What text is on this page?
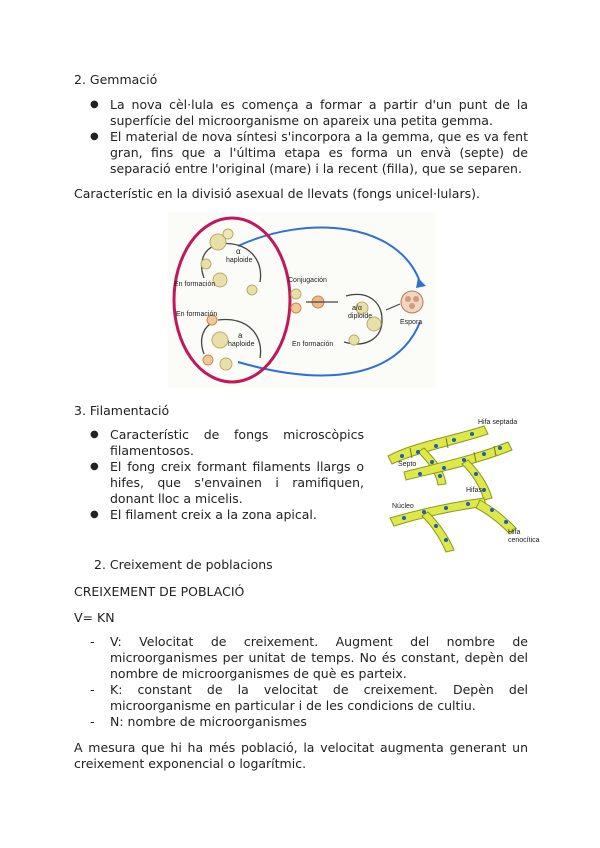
2. Gemmació
● La nova cèl·lula es comença a formar a partir d'un punt de la superfície del microorganisme on apareix una petita gemma.
● El material de nova síntesi s'incorpora a la gemma, que es va fent gran, fins que a l'última etapa es forma un envà (septe) de separació entre l'original (mare) i la recent (filla), que se separen.
Característic en la divisió asexual de llevats (fongs unicel·lulars).
α
haploide
En formación
Conjugación
a/α
diploide
Espora
En formación
a
haploide
En formación
3. Filamentació
● Característic de fongs microscòpics filamentosos.
● El fong creix formant filaments llargs o hifes, que s'envainen i ramifiquen, donant lloc a micelis.
● El filament creix a la zona apical.
Hifa septada
Septo
Hifas
Núcleo
Hifa
cenocítica
2. Creixement de poblacions
CREIXEMENT DE POBLACIÓ
V= KN
- V: Velocitat de creixement. Augment del nombre de microorganismes per unitat de temps. No és constant, depèn del nombre de microorganismes de què es parteix.
- K: constant de la velocitat de creixement. Depèn del microorganisme en particular i de les condicions de cultiu.
- N: nombre de microorganismes
A mesura que hi ha més població, la velocitat augmenta generant un creixement exponencial o logarítmic.
